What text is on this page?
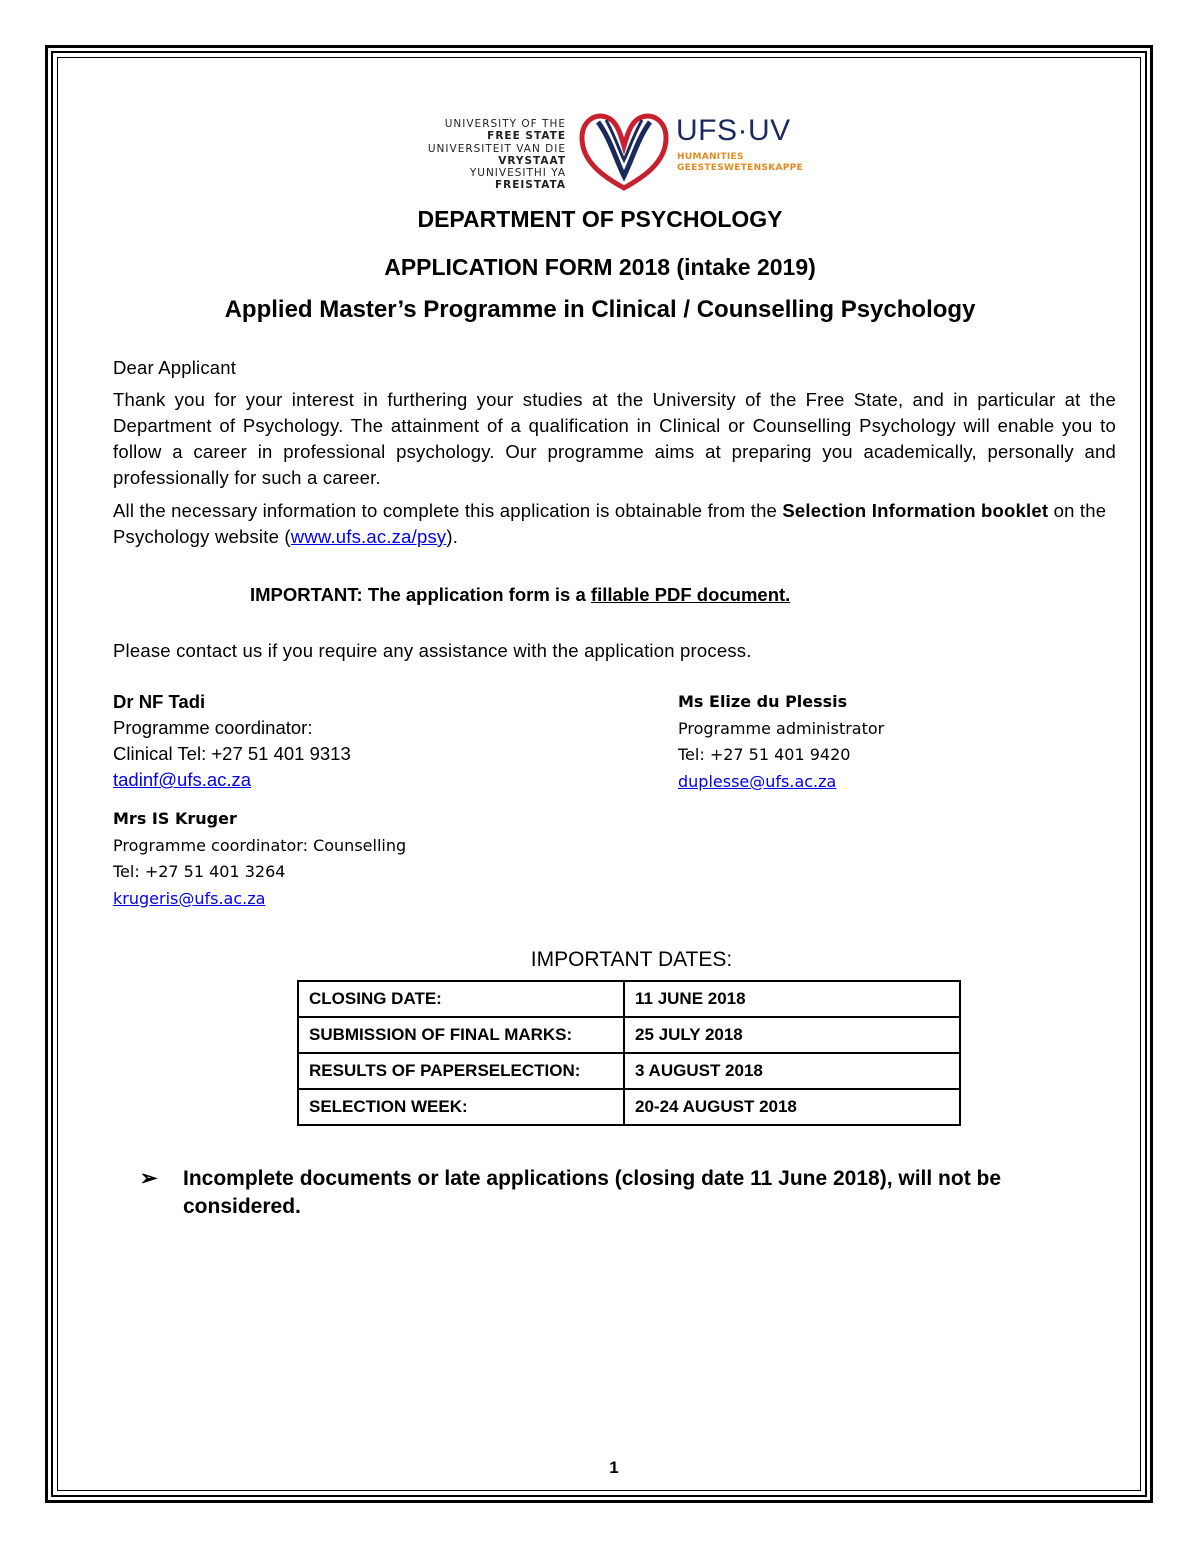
UNIVERSITY OF THE
FREE STATE
UNIVERSITEIT VAN DIE
VRYSTAAT
YUNIVESITHI YA
FREISTATA
UFS·UV
HUMANITIES
GEESTESWETENSKAPPE
DEPARTMENT OF PSYCHOLOGY
APPLICATION FORM 2018 (intake 2019)
Applied Master’s Programme in Clinical / Counselling Psychology
Dear Applicant
Thank you for your interest in furthering your studies at the University of the Free State, and in particular at the Department of Psychology. The attainment of a qualification in Clinical or Counselling Psychology will enable you to follow a career in professional psychology. Our programme aims at preparing you academically, personally and professionally for such a career.
All the necessary information to complete this application is obtainable from the Selection Information booklet on the Psychology website (www.ufs.ac.za/psy).
IMPORTANT: The application form is a fillable PDF document.
Please contact us if you require any assistance with the application process.
Dr NF Tadi
Programme coordinator:
Clinical Tel: +27 51 401 9313
tadinf@ufs.ac.za
Ms Elize du Plessis
Programme administrator
Tel: +27 51 401 9420
duplesse@ufs.ac.za
Mrs IS Kruger
Programme coordinator: Counselling
Tel: +27 51 401 3264
krugeris@ufs.ac.za
IMPORTANT DATES:
CLOSING DATE:	11 JUNE 2018
SUBMISSION OF FINAL MARKS:	25 JULY 2018
RESULTS OF PAPERSELECTION:	3 AUGUST 2018
SELECTION WEEK:	20-24 AUGUST 2018
➢ Incomplete documents or late applications (closing date 11 June 2018), will not be considered.
1
